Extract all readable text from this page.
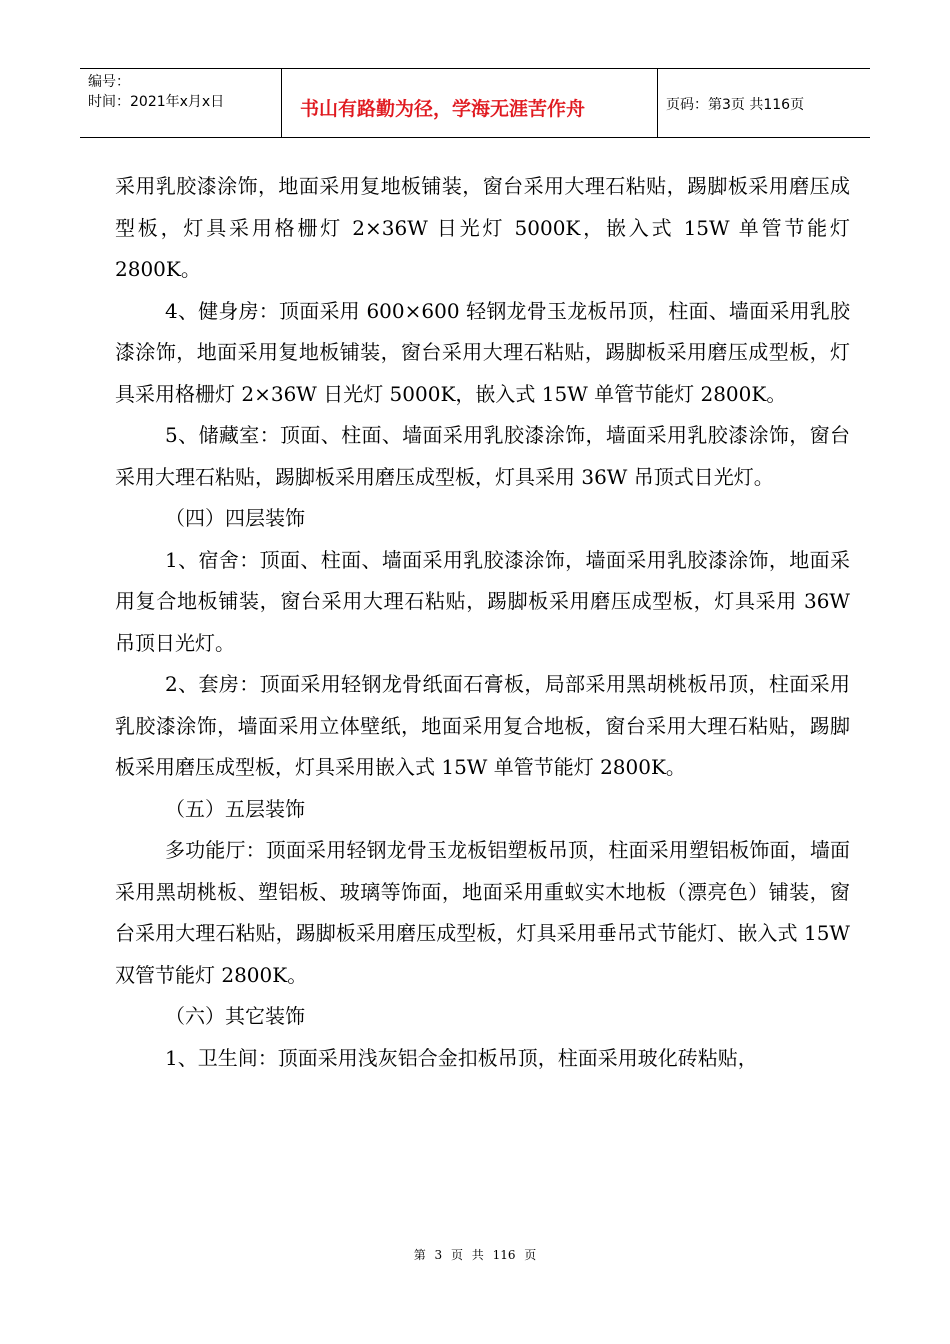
编号：
时间：2021年x月x日	书山有路勤为径，学海无涯苦作舟	页码：第3页 共116页

采用乳胶漆涂饰，地面采用复地板铺装，窗台采用大理石粘贴，踢脚板采用磨压成型板，灯具采用格栅灯 2×36W 日光灯 5000K，嵌入式 15W 单管节能灯 2800K。

4、健身房：顶面采用 600×600 轻钢龙骨玉龙板吊顶，柱面、墙面采用乳胶漆涂饰，地面采用复地板铺装，窗台采用大理石粘贴，踢脚板采用磨压成型板，灯具采用格栅灯 2×36W 日光灯 5000K，嵌入式 15W 单管节能灯 2800K。

5、储藏室：顶面、柱面、墙面采用乳胶漆涂饰，墙面采用乳胶漆涂饰，窗台采用大理石粘贴，踢脚板采用磨压成型板，灯具采用 36W 吊顶式日光灯。

（四）四层装饰

1、宿舍：顶面、柱面、墙面采用乳胶漆涂饰，墙面采用乳胶漆涂饰，地面采用复合地板铺装，窗台采用大理石粘贴，踢脚板采用磨压成型板，灯具采用 36W 吊顶日光灯。

2、套房：顶面采用轻钢龙骨纸面石膏板，局部采用黑胡桃板吊顶，柱面采用乳胶漆涂饰，墙面采用立体壁纸，地面采用复合地板，窗台采用大理石粘贴，踢脚板采用磨压成型板，灯具采用嵌入式 15W 单管节能灯 2800K。

（五）五层装饰

多功能厅：顶面采用轻钢龙骨玉龙板铝塑板吊顶，柱面采用塑铝板饰面，墙面采用黑胡桃板、塑铝板、玻璃等饰面，地面采用重蚁实木地板（漂亮色）铺装，窗台采用大理石粘贴，踢脚板采用磨压成型板，灯具采用垂吊式节能灯、嵌入式 15W 双管节能灯 2800K。

（六）其它装饰

1、卫生间：顶面采用浅灰铝合金扣板吊顶，柱面采用玻化砖粘贴，

第 3 页 共 116 页
